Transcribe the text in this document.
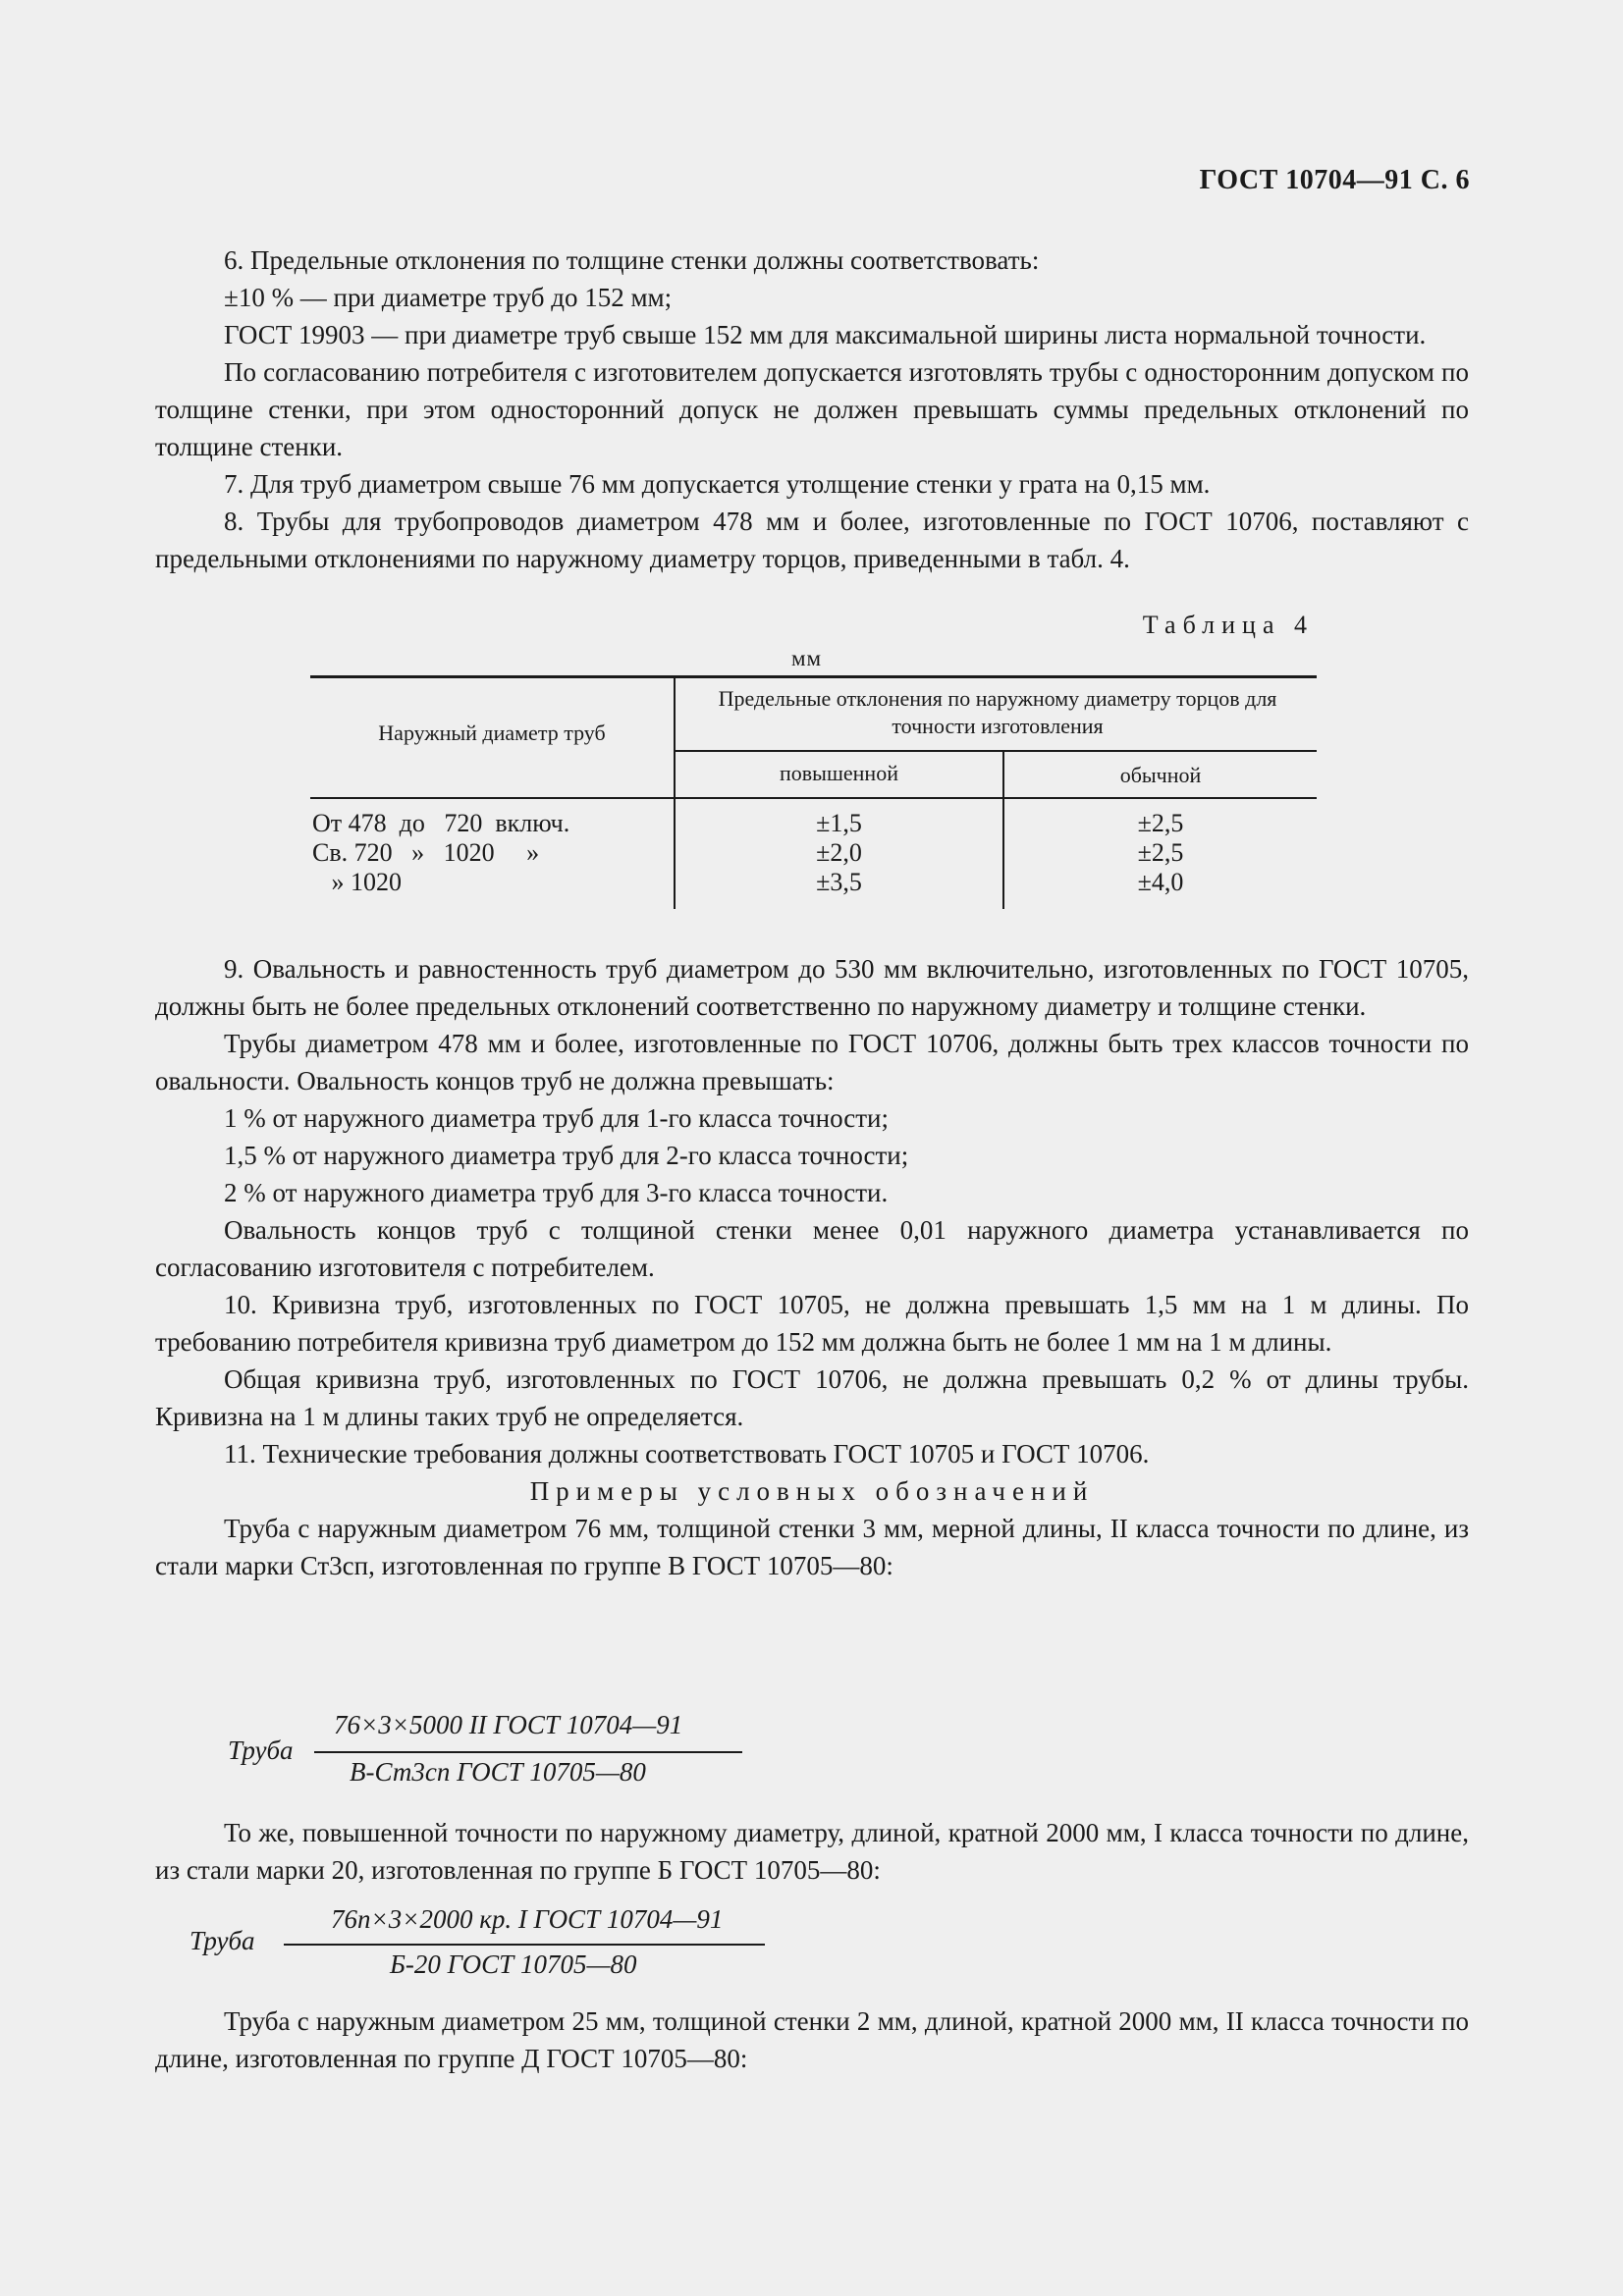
ГОСТ 10704—91 С. 6

6. Предельные отклонения по толщине стенки должны соответствовать:

±10 % — при диаметре труб до 152 мм;

ГОСТ 19903 — при диаметре труб свыше 152 мм для максимальной ширины листа нормальной точности.

По согласованию потребителя с изготовителем допускается изготовлять трубы с односторонним допуском по толщине стенки, при этом односторонний допуск не должен превышать суммы предельных отклонений по толщине стенки.

7. Для труб диаметром свыше 76 мм допускается утолщение стенки у грата на 0,15 мм.

8. Трубы для трубопроводов диаметром 478 мм и более, изготовленные по ГОСТ 10706, поставляют с предельными отклонениями по наружному диаметру торцов, приведенными в табл. 4.

Таблица 4
мм
Наружный диаметр труб
Предельные отклонения по наружному диаметру торцов для точности изготовления
повышенной	обычной
От 478  до   720  включ.
Св. 720   »   1020     »
» 1020
±1,5
±2,0
±3,5
±2,5
±2,5
±4,0

9. Овальность и равностенность труб диаметром до 530 мм включительно, изготовленных по ГОСТ 10705, должны быть не более предельных отклонений соответственно по наружному диаметру и толщине стенки.

Трубы диаметром 478 мм и более, изготовленные по ГОСТ 10706, должны быть трех классов точности по овальности. Овальность концов труб не должна превышать:

1 % от наружного диаметра труб для 1-го класса точности;

1,5 % от наружного диаметра труб для 2-го класса точности;

2 % от наружного диаметра труб для 3-го класса точности.

Овальность концов труб с толщиной стенки менее 0,01 наружного диаметра устанавливается по согласованию изготовителя с потребителем.

10. Кривизна труб, изготовленных по ГОСТ 10705, не должна превышать 1,5 мм на 1 м длины. По требованию потребителя кривизна труб диаметром до 152 мм должна быть не более 1 мм на 1 м длины.

Общая кривизна труб, изготовленных по ГОСТ 10706, не должна превышать 0,2 % от длины трубы. Кривизна на 1 м длины таких труб не определяется.

11. Технические требования должны соответствовать ГОСТ 10705 и ГОСТ 10706.

Примеры условных обозначений

Труба с наружным диаметром 76 мм, толщиной стенки 3 мм, мерной длины, II класса точности по длине, из стали марки Ст3сп, изготовленная по группе В ГОСТ 10705—80:

Труба
76×3×5000 II ГОСТ 10704—91
В-Ст3сп ГОСТ 10705—80

То же, повышенной точности по наружному диаметру, длиной, кратной 2000 мм, I класса точности по длине, из стали марки 20, изготовленная по группе Б ГОСТ 10705—80:

Труба
76п×3×2000 кр. I ГОСТ 10704—91
Б-20 ГОСТ 10705—80

Труба с наружным диаметром 25 мм, толщиной стенки 2 мм, длиной, кратной 2000 мм, II класса точности по длине, изготовленная по группе Д ГОСТ 10705—80:
